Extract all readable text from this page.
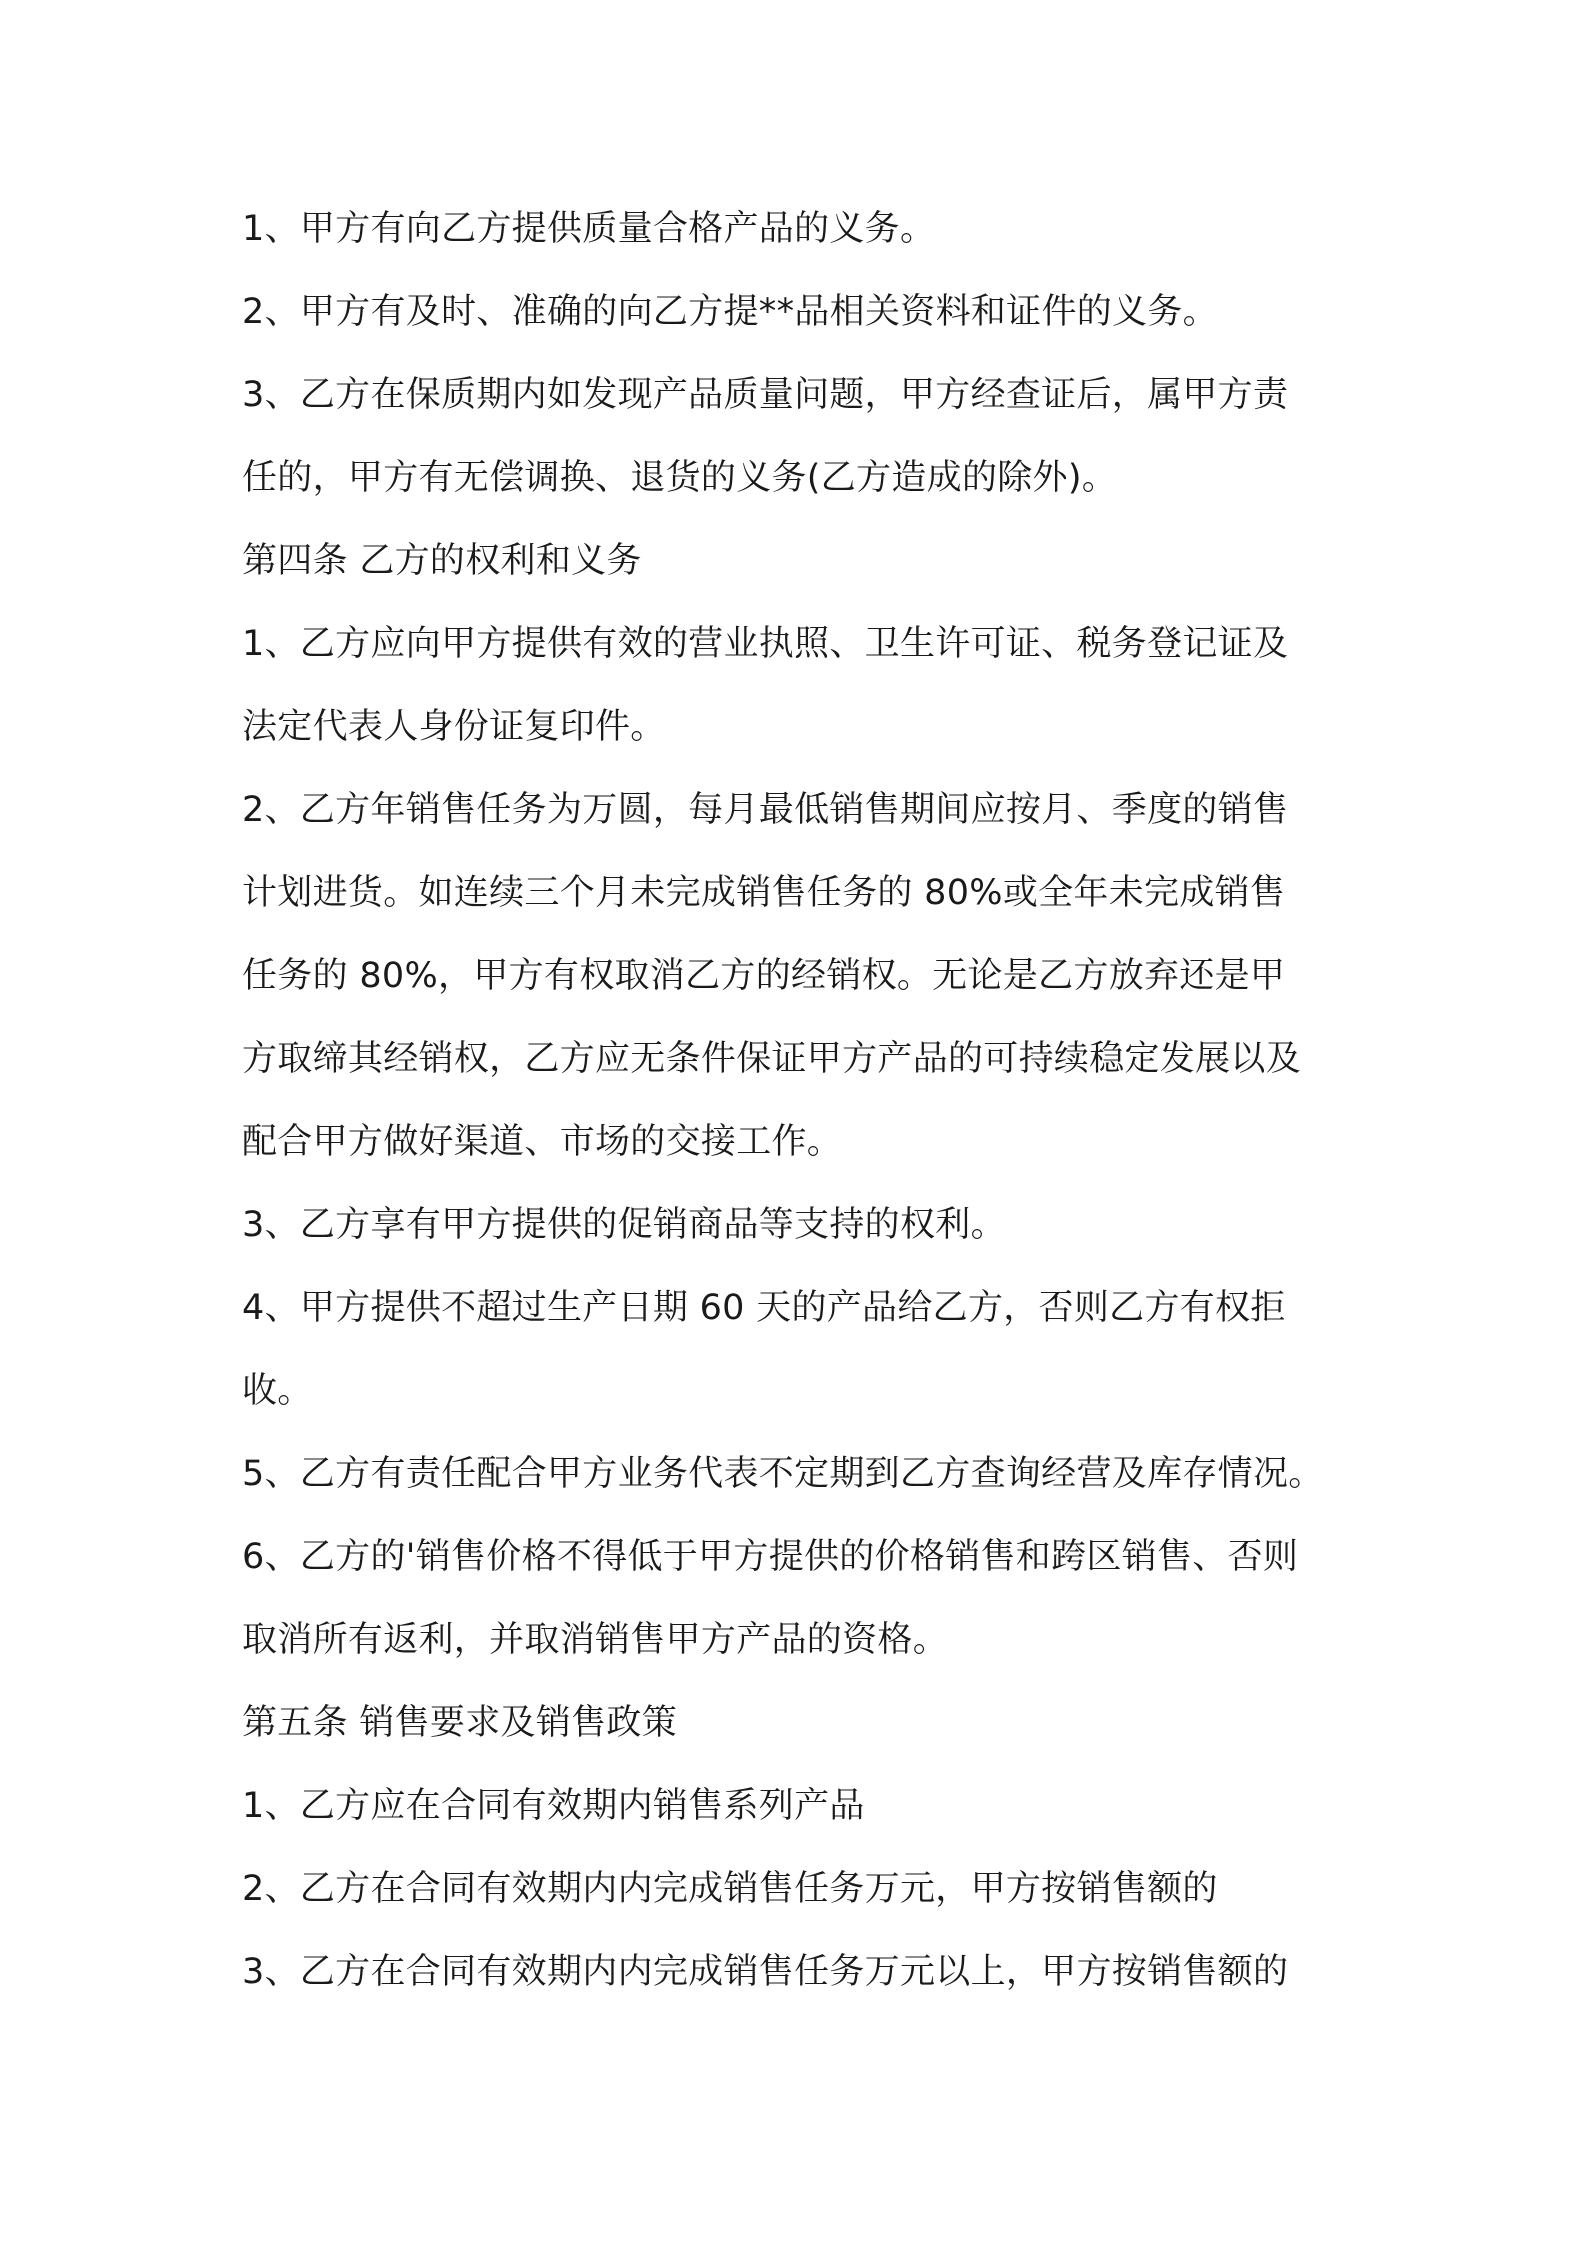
1、甲方有向乙方提供质量合格产品的义务。
2、甲方有及时、准确的向乙方提**品相关资料和证件的义务。
3、乙方在保质期内如发现产品质量问题，甲方经查证后，属甲方责
任的，甲方有无偿调换、退货的义务(乙方造成的除外)。
第四条 乙方的权利和义务
1、乙方应向甲方提供有效的营业执照、卫生许可证、税务登记证及
法定代表人身份证复印件。
2、乙方年销售任务为万圆，每月最低销售期间应按月、季度的销售
计划进货。如连续三个月未完成销售任务的 80%或全年未完成销售
任务的 80%，甲方有权取消乙方的经销权。无论是乙方放弃还是甲
方取缔其经销权，乙方应无条件保证甲方产品的可持续稳定发展以及
配合甲方做好渠道、市场的交接工作。
3、乙方享有甲方提供的促销商品等支持的权利。
4、甲方提供不超过生产日期 60 天的产品给乙方，否则乙方有权拒
收。
5、乙方有责任配合甲方业务代表不定期到乙方查询经营及库存情况。
6、乙方的'销售价格不得低于甲方提供的价格销售和跨区销售、否则
取消所有返利，并取消销售甲方产品的资格。
第五条 销售要求及销售政策
1、乙方应在合同有效期内销售系列产品
2、乙方在合同有效期内内完成销售任务万元，甲方按销售额的
3、乙方在合同有效期内内完成销售任务万元以上，甲方按销售额的
